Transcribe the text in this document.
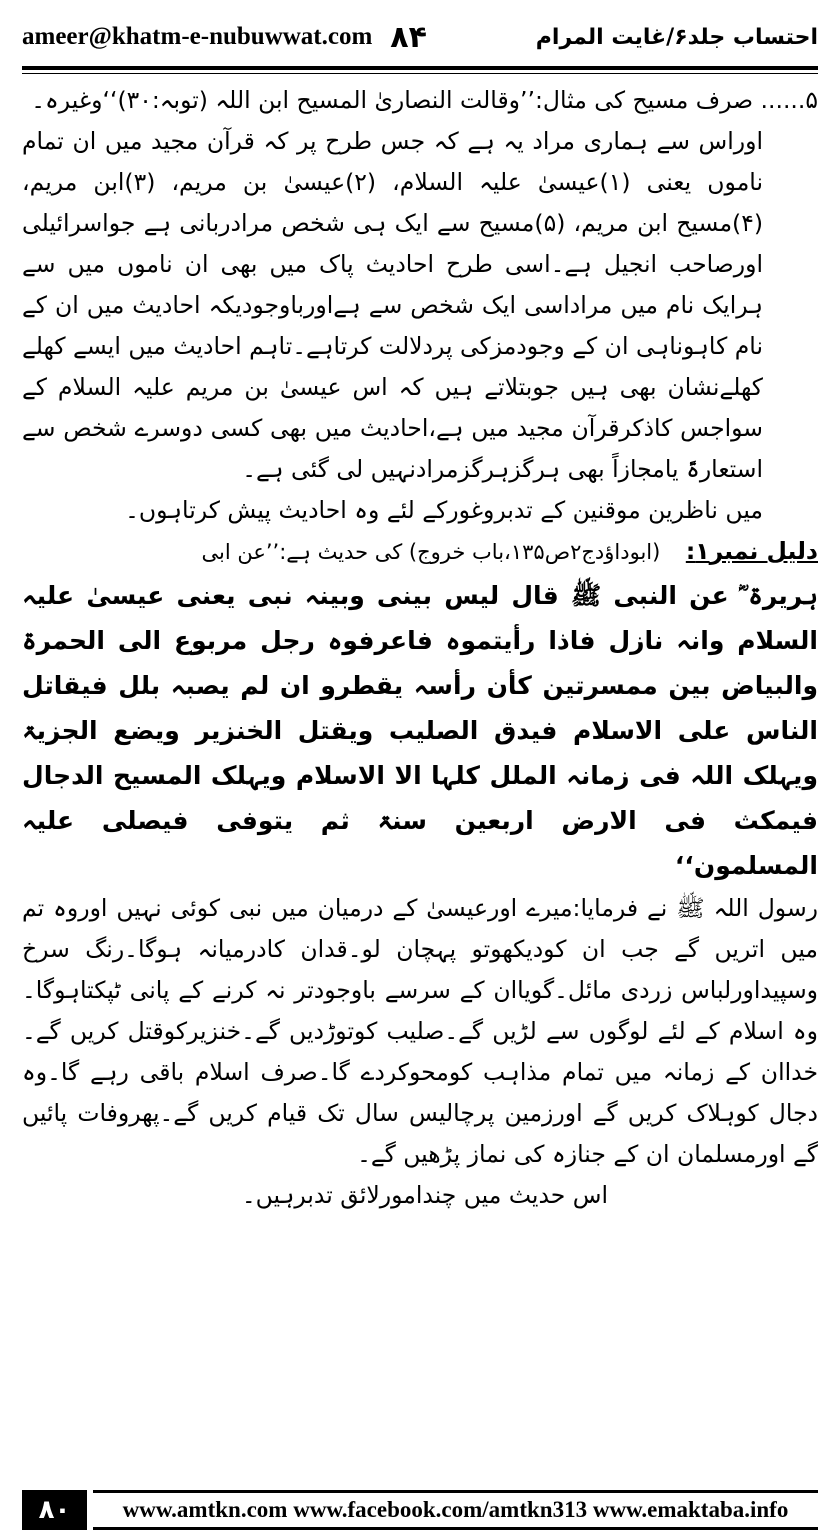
ameer@khatm-e-nubuwwat.com ۸۴	احتساب جلد۶/غایت المرام

۵...... صرف مسیح کی مثال:’’وقالت النصاریٰ المسیح ابن اللہ (توبہ:۳۰)‘‘وغیرہ۔

اوراس سے ہماری مراد یہ ہے کہ جس طرح پر کہ قرآن مجید میں ان تمام ناموں یعنی (۱)عیسیٰ علیہ السلام، (۲)عیسیٰ بن مریم، (۳)ابن مریم، (۴)مسیح ابن مریم، (۵)مسیح سے ایک ہی شخص مرادربانی ہے جواسرائیلی اورصاحب انجیل ہے۔اسی طرح احادیث پاک میں بھی ان ناموں میں سے ہرایک نام میں مراداسی ایک شخص سے ہےاورباوجودیکہ احادیث میں ان کے نام کاہوناہی ان کے وجودمزکی پردلالت کرتاہے۔تاہم احادیث میں ایسے کھلے کھلےنشان بھی ہیں جوبتلاتے ہیں کہ اس عیسیٰ بن مریم علیہ السلام کے سواجس کاذکرقرآن مجید میں ہے،احادیث میں بھی کسی دوسرے شخص سے استعارۃً یامجازاً بھی ہرگزہرگزمرادنہیں لی گئی ہے۔

میں ناظرین موقنین کے تدبروغورکے لئے وہ احادیث پیش کرتاہوں۔

دلیل نمبر۱: (ابوداؤدج۲ص۱۳۵،باب خروج) کی حدیث ہے:’’عن ابی

ہریرۃ ؓ عن النبی ﷺ قال لیس بینی وبینہ نبی یعنی عیسیٰ علیہ السلام وانہ نازل فاذا رأیتموہ فاعرفوہ رجل مربوع الی الحمرۃ والبیاض بین ممسرتین کأن رأسہ یقطرو ان لم یصبہ بلل فیقاتل الناس علی الاسلام فیدق الصلیب ویقتل الخنزیر ویضع الجزیۃ ویہلک اللہ فی زمانہ الملل کلہا الا الاسلام ویہلک المسیح الدجال فیمکث فی الارض اربعین سنۃ ثم یتوفی فیصلی علیہ المسلمون‘‘

رسول اللہ ﷺ نے فرمایا:میرے اورعیسیٰ کے درمیان میں نبی کوئی نہیں اوروہ تم میں اتریں گے جب ان کودیکھوتو پہچان لو۔قدان کادرمیانہ ہوگا۔رنگ سرخ وسپیداورلباس زردی مائل۔گویاان کے سرسے باوجودتر نہ کرنے کے پانی ٹپکتاہوگا۔وہ اسلام کے لئے لوگوں سے لڑیں گے۔صلیب کوتوڑدیں گے۔خنزیرکوقتل کریں گے۔خداان کے زمانہ میں تمام مذاہب کومحوکردے گا۔صرف اسلام باقی رہے گا۔وہ دجال کوہلاک کریں گے اورزمین پرچالیس سال تک قیام کریں گے۔پھروفات پائیں گے اورمسلمان ان کے جنازہ کی نماز پڑھیں گے۔

اس حدیث میں چندامورلائق تدبرہیں۔

۸۰	www.amtkn.com www.facebook.com/amtkn313 www.emaktaba.info
